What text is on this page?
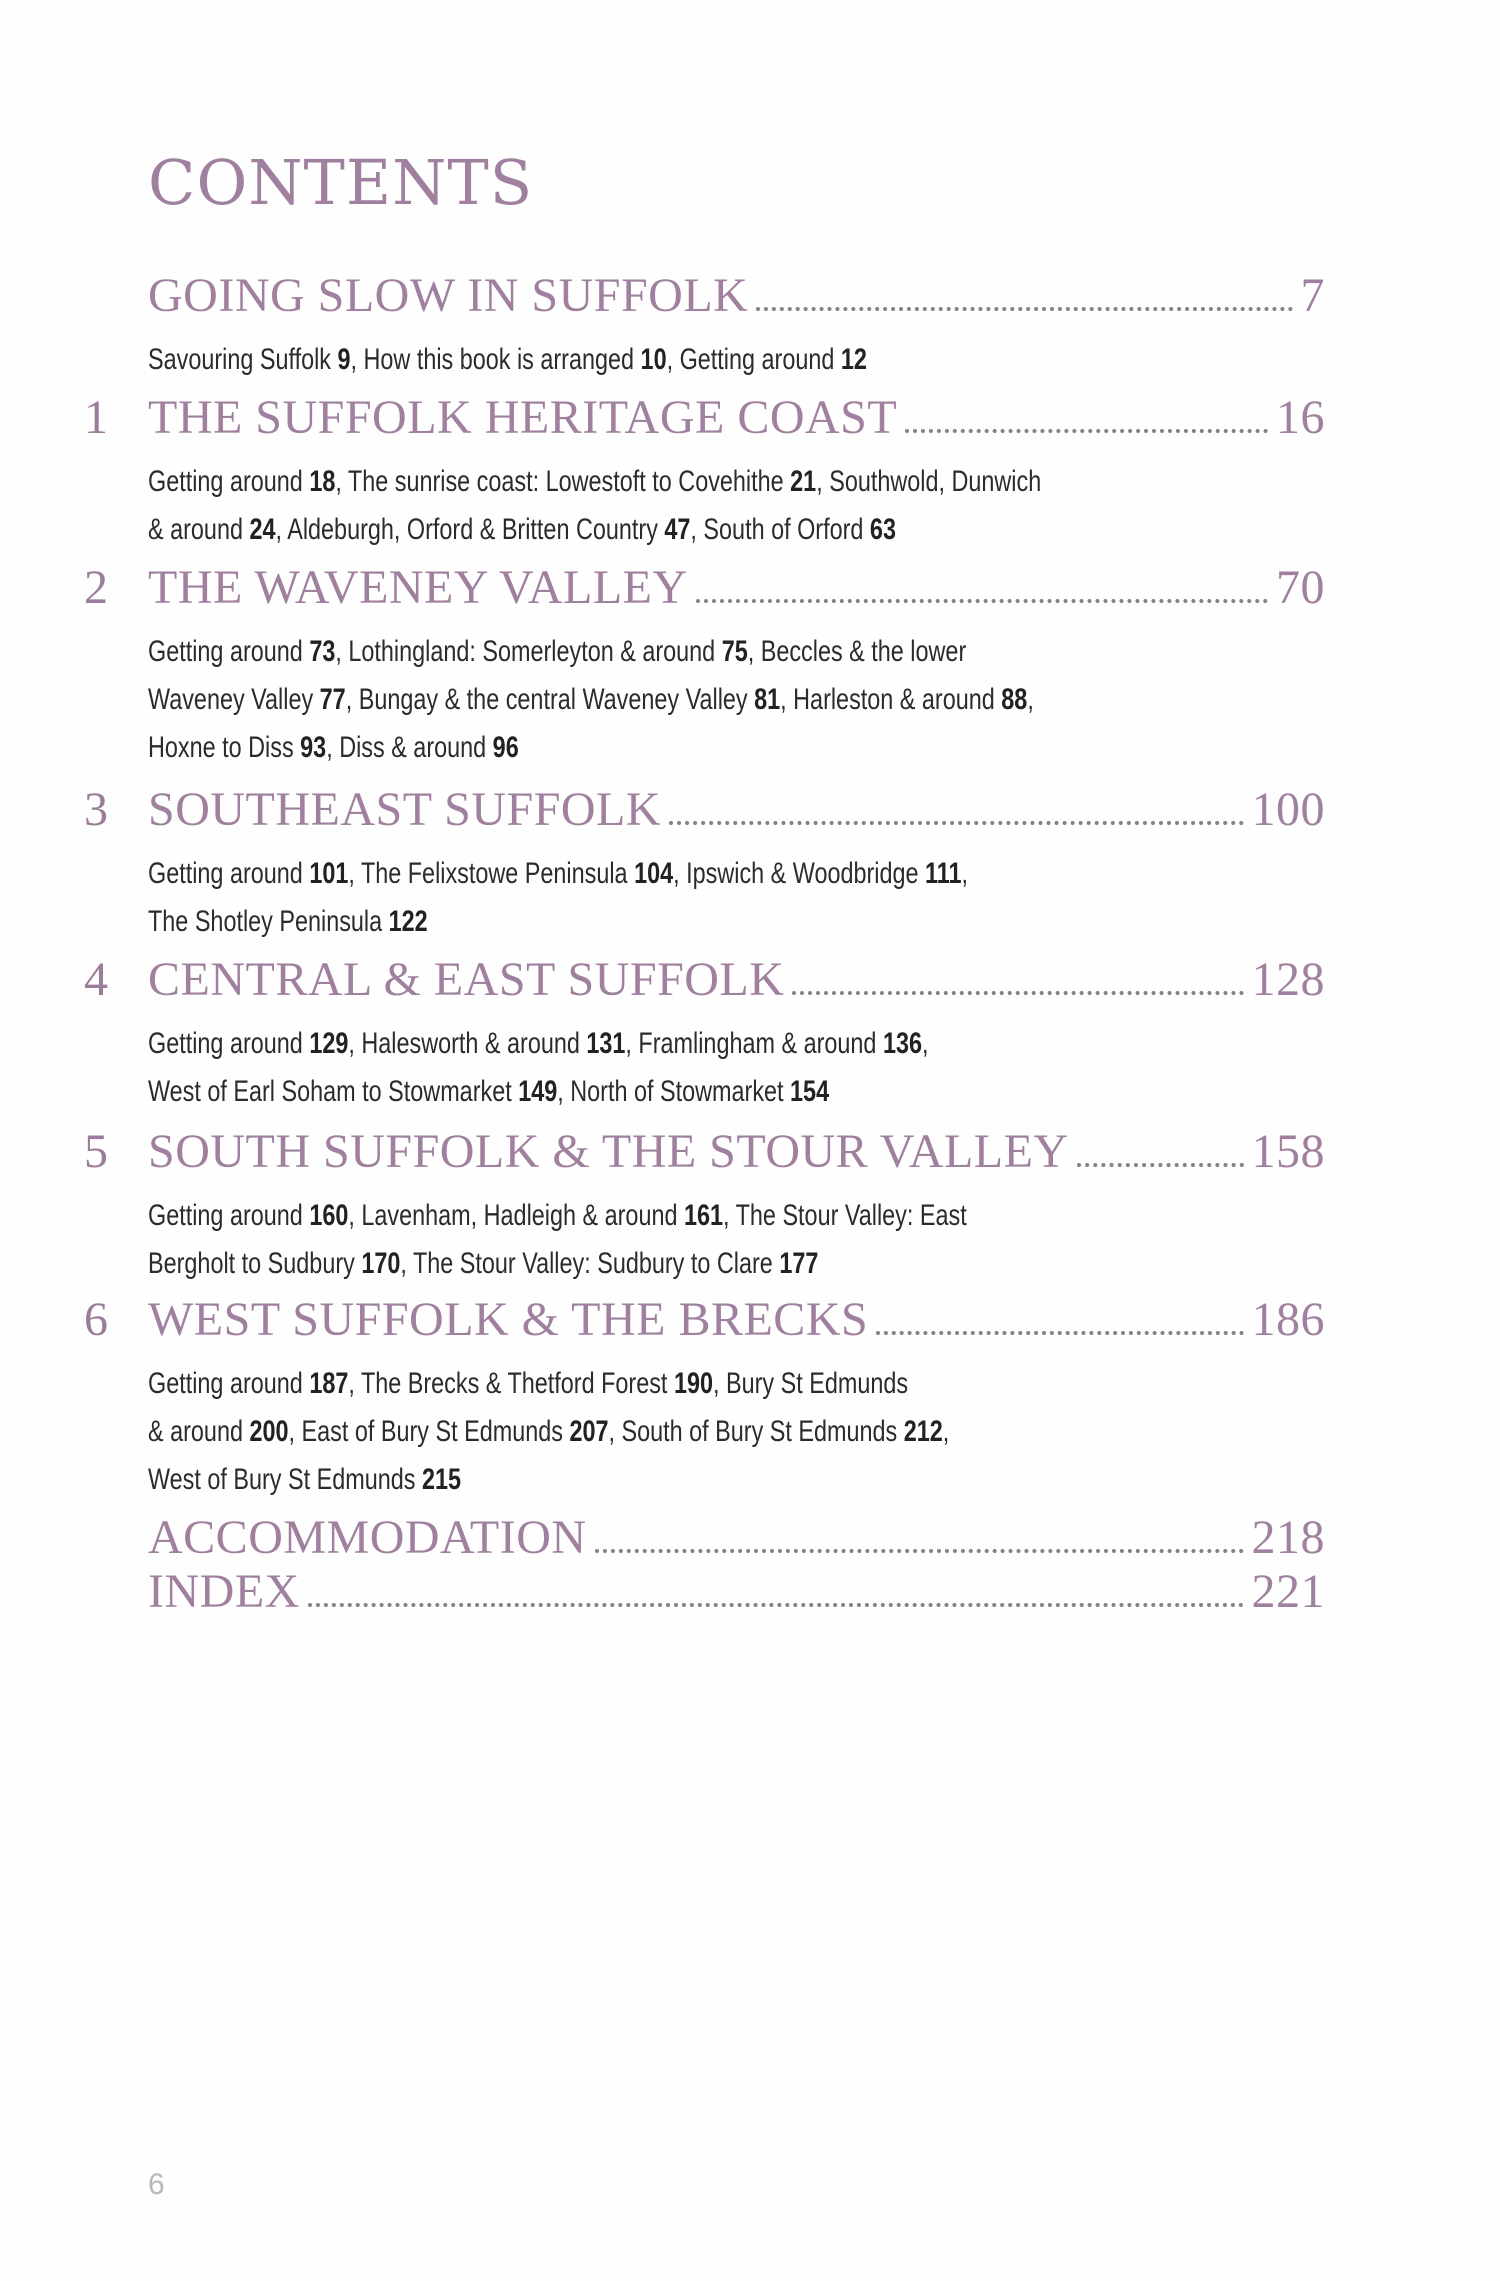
CONTENTS
GOING SLOW IN SUFFOLK	7
Savouring Suffolk 9, How this book is arranged 10, Getting around 12
1 THE SUFFOLK HERITAGE COAST	16
Getting around 18, The sunrise coast: Lowestoft to Covehithe 21, Southwold, Dunwich
& around 24, Aldeburgh, Orford & Britten Country 47, South of Orford 63
2 THE WAVENEY VALLEY	70
Getting around 73, Lothingland: Somerleyton & around 75, Beccles & the lower
Waveney Valley 77, Bungay & the central Waveney Valley 81, Harleston & around 88,
Hoxne to Diss 93, Diss & around 96
3 SOUTHEAST SUFFOLK	100
Getting around 101, The Felixstowe Peninsula 104, Ipswich & Woodbridge 111,
The Shotley Peninsula 122
4 CENTRAL & EAST SUFFOLK	128
Getting around 129, Halesworth & around 131, Framlingham & around 136,
West of Earl Soham to Stowmarket 149, North of Stowmarket 154
5 SOUTH SUFFOLK & THE STOUR VALLEY	158
Getting around 160, Lavenham, Hadleigh & around 161, The Stour Valley: East
Bergholt to Sudbury 170, The Stour Valley: Sudbury to Clare 177
6 WEST SUFFOLK & THE BRECKS	186
Getting around 187, The Brecks & Thetford Forest 190, Bury St Edmunds
& around 200, East of Bury St Edmunds 207, South of Bury St Edmunds 212,
West of Bury St Edmunds 215
ACCOMMODATION	218
INDEX	221
6
